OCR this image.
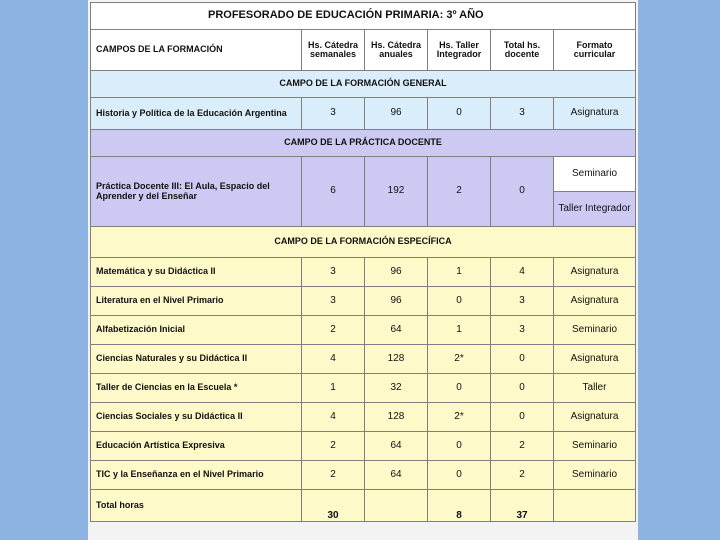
PROFESORADO DE EDUCACIÓN PRIMARIA: 3º AÑO					
CAMPOS DE LA FORMACIÓN	Hs. Cátedra semanales	Hs. Cátedra anuales	Hs. Taller Integrador	Total hs. docente	Formato curricular
CAMPO DE LA FORMACIÓN GENERAL					
Historia y Política de la Educación Argentina	3	96	0	3	Asignatura
CAMPO DE LA PRÁCTICA DOCENTE					
Práctica Docente III: El Aula, Espacio del Aprender y del Enseñar	6	192	2	0	Seminario
					Taller Integrador
CAMPO DE LA FORMACIÓN ESPECÍFICA					
Matemática y su Didáctica II	3	96	1	4	Asignatura
Literatura en el Nivel Primario	3	96	0	3	Asignatura
Alfabetización Inicial	2	64	1	3	Seminario
Ciencias Naturales y su Didáctica II	4	128	2*	0	Asignatura
Taller de Ciencias en la Escuela *	1	32	0	0	Taller
Ciencias Sociales y su Didáctica II	4	128	2*	0	Asignatura
Educación Artística Expresiva	2	64	0	2	Seminario
TIC y la Enseñanza en el Nivel Primario	2	64	0	2	Seminario
Total horas	30		8	37	
